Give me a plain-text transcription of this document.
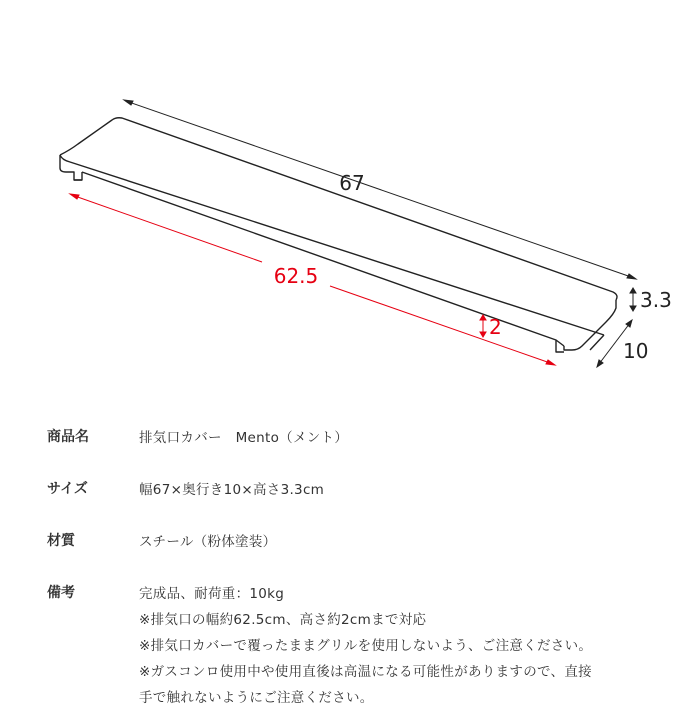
67
62.5
2
3.3
10
商品名	排気口カバー　Mento（メント）
サイズ	幅67×奥行き10×高さ3.3cm
材質	スチール（粉体塗装）
備考	完成品、耐荷重：10kg
※排気口の幅約62.5cm、高さ約2cmまで対応
※排気口カバーで覆ったままグリルを使用しないよう、ご注意ください。
※ガスコンロ使用中や使用直後は高温になる可能性がありますので、直接
手で触れないようにご注意ください。
